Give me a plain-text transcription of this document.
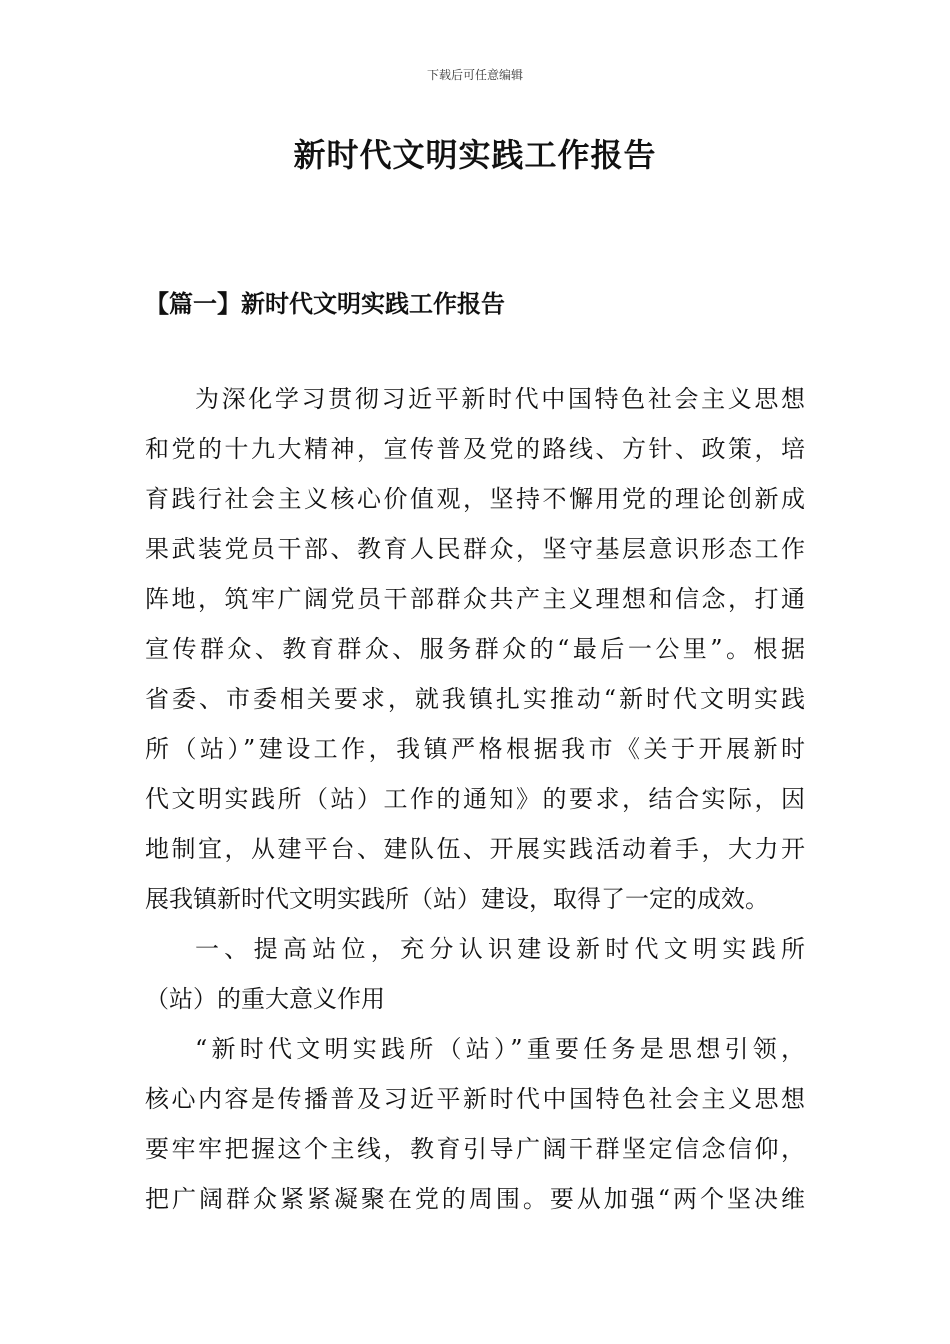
下载后可任意编辑
新时代文明实践工作报告
【篇一】新时代文明实践工作报告
为深化学习贯彻习近平新时代中国特色社会主义思想
和党的十九大精神，宣传普及党的路线、方针、政策，培
育践行社会主义核心价值观，坚持不懈用党的理论创新成
果武装党员干部、教育人民群众，坚守基层意识形态工作
阵地，筑牢广阔党员干部群众共产主义理想和信念，打通
宣传群众、教育群众、服务群众的“最后一公里”。根据
省委、市委相关要求，就我镇扎实推动“新时代文明实践
所（站）”建设工作，我镇严格根据我市《关于开展新时
代文明实践所（站）工作的通知》的要求，结合实际，因
地制宜，从建平台、建队伍、开展实践活动着手，大力开
展我镇新时代文明实践所（站）建设，取得了一定的成效。
一、提高站位，充分认识建设新时代文明实践所
（站）的重大意义作用
“新时代文明实践所（站）”重要任务是思想引领，
核心内容是传播普及习近平新时代中国特色社会主义思想
要牢牢把握这个主线，教育引导广阔干群坚定信念信仰，
把广阔群众紧紧凝聚在党的周围。要从加强“两个坚决维
